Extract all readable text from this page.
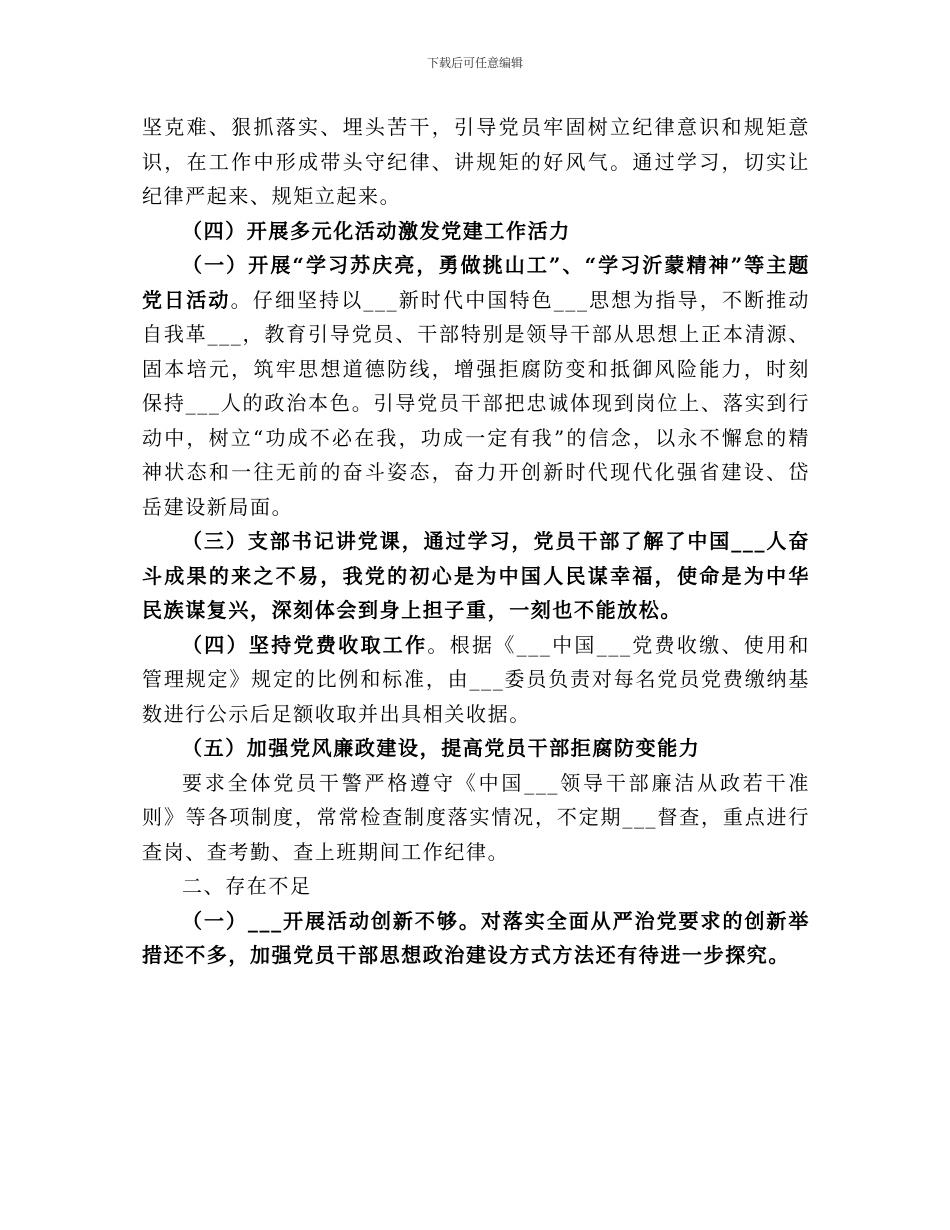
下载后可任意编辑

坚克难、狠抓落实、埋头苦干，引导党员牢固树立纪律意识和规矩意识，在工作中形成带头守纪律、讲规矩的好风气。通过学习，切实让纪律严起来、规矩立起来。

（四）开展多元化活动激发党建工作活力

（一）开展“学习苏庆亮，勇做挑山工”、“学习沂蒙精神”等主题党日活动。仔细坚持以___新时代中国特色___思想为指导，不断推动自我革___，教育引导党员、干部特别是领导干部从思想上正本清源、固本培元，筑牢思想道德防线，增强拒腐防变和抵御风险能力，时刻保持___人的政治本色。引导党员干部把忠诚体现到岗位上、落实到行动中，树立“功成不必在我，功成一定有我”的信念，以永不懈怠的精神状态和一往无前的奋斗姿态，奋力开创新时代现代化强省建设、岱岳建设新局面。

（三）支部书记讲党课，通过学习，党员干部了解了中国___人奋斗成果的来之不易，我党的初心是为中国人民谋幸福，使命是为中华民族谋复兴，深刻体会到身上担子重，一刻也不能放松。

（四）坚持党费收取工作。根据《___中国___党费收缴、使用和管理规定》规定的比例和标准，由___委员负责对每名党员党费缴纳基数进行公示后足额收取并出具相关收据。

（五）加强党风廉政建设，提高党员干部拒腐防变能力

要求全体党员干警严格遵守《中国___领导干部廉洁从政若干准则》等各项制度，常常检查制度落实情况，不定期___督查，重点进行查岗、查考勤、查上班期间工作纪律。

二、存在不足

（一）___开展活动创新不够。对落实全面从严治党要求的创新举措还不多，加强党员干部思想政治建设方式方法还有待进一步探究。
